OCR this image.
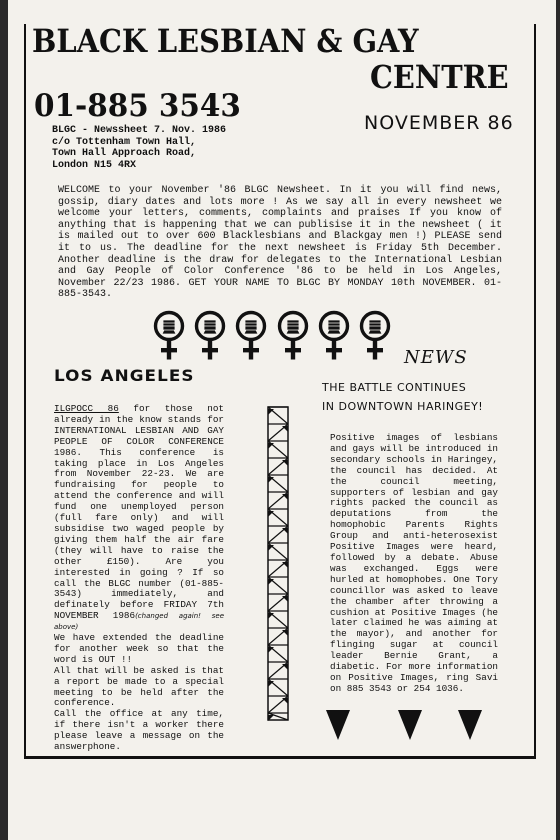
BLACK LESBIAN & GAY
CENTRE
01-885 3543	NOVEMBER 86
BLGC - Newssheet 7. Nov. 1986
c/o Tottenham Town Hall,
Town Hall Approach Road,
London N15 4RX
WELCOME to your November '86 BLGC Newsheet. In it you will find news, gossip, diary dates and lots more ! As we say all in every newsheet we welcome your letters, comments, complaints and praises If you know of anything that is happening that we can publisise it in the newsheet ( it is mailed out to over 600 Blacklesbians and Blackgay men !) PLEASE send it to us. The deadline for the next newsheet is Friday 5th December. Another deadline is the draw for delegates to the International Lesbian and Gay People of Color Conference '86 to be held in Los Angeles, November 22/23 1986. GET YOUR NAME TO BLGC BY MONDAY 10th NOVEMBER. 01-885-3543.
NEWS
LOS ANGELES
THE BATTLE CONTINUES
IN DOWNTOWN HARINGEY!

ILGPOCC 86 for those not already in the know stands for INTERNATIONAL LESBIAN AND GAY PEOPLE OF COLOR CONFERENCE 1986. This conference is taking place in Los Angeles from November 22-23. We are fundraising for people to attend the conference and will fund one unemployed person (full fare only) and will subsidise two waged people by giving them half the air fare (they will have to raise the other £150). Are you interested in going ? If so call the BLGC number (01-885-3543) immediately, and definately before FRIDAY 7th NOVEMBER 1986(changed again! see above)

We have extended the deadline for another week so that the word is OUT !!

All that will be asked is that a report be made to a special meeting to be held after the conference.

Call the office at any time, if there isn't a worker there please leave a message on the answerphone.

Positive images of lesbians and gays will be introduced in secondary schools in Haringey, the council has decided. At the council meeting, supporters of lesbian and gay rights packed the council as deputations from the homophobic Parents Rights Group and anti-heterosexist Positive Images were heard, followed by a debate. Abuse was exchanged. Eggs were hurled at homophobes. One Tory councillor was asked to leave the chamber after throwing a cushion at Positive Images (he later claimed he was aiming at the mayor), and another for flinging sugar at council leader Bernie Grant, a diabetic. For more information on Positive Images, ring Savi on 885 3543 or 254 1036.
